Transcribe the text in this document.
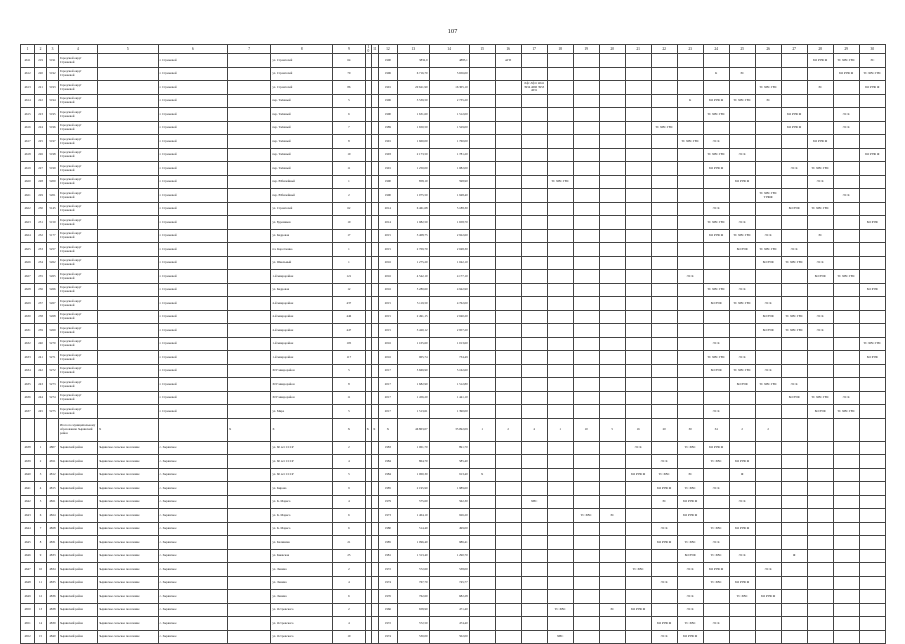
107
1	2	3	4	5	6	7	8	9	10	11	12	13	14	15	16	17	18	19	20	21	22	23	24	25	26	27	28	29	30
4611	219	5191	Городской округ Стрежевой		г. Стрежевой		ул. Строителей	64			1990	3832,9	4883,1		АГП												БО РУФ Ф	ТС ХВС ГВС	ЭС
4612	220	5192	Городской округ Стрежевой		г. Стрежевой		ул. Строителей	70			1996	6 716,70	5 656,00										К	ЭС				БО РУФ Ф	ТС ХВС ГВС
4613	221	5193	Городской округ Стрежевой		г. Стрежевой		ул. Строителей	86			1991	20 621,90	16 305,10			Лфт Лфтг 4041 3934 4060 3953 4031									ТС ХВС ГВС		ЭС		БО РУФ Ф
4614	222	5194	Городской округ Стрежевой		г. Стрежевой		пер. Таёжный	5			1996	3 539,50	2 735,20									К	БО РУФ Ф	ТС ХВС ГВС	ЭС				
4615	223	5195	Городской округ Стрежевой		г. Стрежевой		пер. Таёжный	6			1990	1 631,60	1 512,00										ТС ХВС ГВС			БО РУФ Ф		ЭС К	
4616	224	5196	Городской округ Стрежевой		г. Стрежевой		пер. Таёжный	7			1989	1 650,50	1 529,00								ТС ХВС ГВС					БО РУФ Ф		ЭС К	
4617	225	5197	Городской округ Стрежевой		г. Стрежевой		пер. Таёжный	8			1991	1 600,00	1 760,00									ТС ХВС ГВС	ЭС К				БО РУФ Ф		
4618	226	5198	Городской округ Стрежевой		г. Стрежевой		пер. Таёжный	10			1993	2 173,50	1 781,20										ТС ХВС ГВС	ЭС К					БО РУФ Ф
4619	227	5199	Городской округ Стрежевой		г. Стрежевой		пер. Таёжный	11			1991	1 250,00	1 082,00										БО РУФ Ф			ЭС К	ТС ХВС ГВС		
4620	228	5200	Городской округ Стрежевой		г. Стрежевой		пер. Юбилейный	1			1990	858,10	598,90				ТС ХВС ГВС							БО РУФ Ф			ЭС К		
4621	229	5201	Городской округ Стрежевой		г. Стрежевой		пер. Юбилейный	2			1990	1 075,50	1 948,40												ТС ХВС ГВС ТУФФ			ЭС К	
4622	230	5145	Городской округ Стрежевой		г. Стрежевой		ул. Строителей	62			2014	6 461,68	5 188,30										ЭС К			БО РУФ	ТС ХВС ГВС		
4623	231	5150	Городской округ Стрежевой		г. Стрежевой		ул. Буровиков	10			2014	1 982,50	1 658,70										ТС ХВС ГВС	ЭС К					БО РУФ
4624	232	5177	Городской округ Стрежевой		г. Стрежевой		ул. Кедровая	17			2015	3 408,75	2 922,60										БО РУФ Ф	ТС ХВС ГВС	ЭС К		ЭС		
4625	233	5257	Городской округ Стрежевой		г. Стрежевой		пл. Коротченко	1			2015	2 709,70	2 048,30											БО РУФ	ТС ХВС ГВС	ЭС К			
4626	234	5262	Городской округ Стрежевой		г. Стрежевой		ул. Школьный	1			2016	1 275,20	1 042,10												БО РУФ	ТС ХВС ГВС	ЭС К		
4627	235	5265	Городской округ Стрежевой		г. Стрежевой		1-й микрорайон	121			2016	4 542,10	4 177,10									ЭС К					БО РУФ	ТС ХВС ГВС	
4628	236	5266	Городской округ Стрежевой		г. Стрежевой		ул. Кедровая	12			2016	5 280,60	4 942,90										ТС ХВС ГВС	ЭС К					БО РУФ
4629	237	5267	Городской округ Стрежевой		г. Стрежевой		4-й микрорайон	437			2015	5 119,50	4 762,00										БО РУФ	ТС ХВС ГВС	ЭС К				
4630	238	5268	Городской округ Стрежевой		г. Стрежевой		4-й микрорайон	446			2015	2 491,15	2 040,20												БО РУФ	ТС ХВС ГВС	ЭС К		
4631	239	5269	Городской округ Стрежевой		г. Стрежевой		4-й микрорайон	447			2015	3 420,12	2 957,20												БО РУФ	ТС ХВС ГВС	ЭС К		
4632	240	5270	Городской округ Стрежевой		г. Стрежевой		1-й микрорайон	105			2016	1 105,60	1 013,60										ЭС К						ТС ХВС ГВС
4633	241	5271	Городской округ Стрежевой		г. Стрежевой		1-й микрорайон	117			2016	905,74	734,49										ТС ХВС ГВС	ЭС К					БО РУФ
4634	242	5272	Городской округ Стрежевой		г. Стрежевой		XIV микрорайон	5			2017	5 669,90	5 162,60										БО РУФ	ТС ХВС ГВС	ЭС К				
4635	243	5273	Городской округ Стрежевой		г. Стрежевой		XIV микрорайон	8			2017	1 682,90	1 512,80											БО РУФ	ТС ХВС ГВС	ЭС К			
4636	244	5274	Городской округ Стрежевой		г. Стрежевой		XIV микрорайон	11			2017	1 456,20	1 441,10													БО РУФ	ТС ХВС ГВС	ЭС К	
4637	245	5275	Городской округ Стрежевой		г. Стрежевой		ул. Мира	5			2017	1 513,61	1 390,00										ЭС К				БО РУФ	ТС ХВС ГВС	
			Итого по муниципальному образованию Зырянский район	X		X	X	X	X	X	X	46 803,07	35 092,09	1	2	4	1	10	5	16	20	30	34	2	2				
4638	1	4807	Зырянский район	Зырянское сельское поселение	с. Зырянское		ул. 60 лет СССР	2			1983	1 001,70	891,70							ЭС К		ТС ХВС	БО РУФ Ф						
4639	2	4811	Зырянский район	Зырянское сельское поселение	с. Зырянское		ул. 60 лет СССР	4			1984	804,70	585,40								ЭС К		ТС ХВС	БО РУФ Ф					
4640	3	4812	Зырянский район	Зырянское сельское поселение	с. Зырянское		ул. 60 лет СССР	5			1984	1 000,30	913,40	X						БО РУФ Ф	ТС ХВС	ЭС		Ф					
4641	4	4815	Зырянский район	Зырянское сельское поселение	с. Зырянское		ул. Кирова	9			1985	2 195,90	1 989,60								БО РУФ Ф	ТС ХВС	ЭС К						
4642	5	4821	Зырянский район	Зырянское сельское поселение	с. Зырянское		ул. К. Маркса	4			1979	575,60	562,30			ХВС					ЭС	БО РУФ Ф		ЭС К					
4643	6	4824	Зырянский район	Зырянское сельское поселение	с. Зырянское		ул. К. Маркса	6			1973	1 404,10	926,20					ТС ХВС	ЭС			БО РУФ Ф							
4644	7	4828	Зырянский район	Зырянское сельское поселение	с. Зырянское		ул. К. Маркса	6			1980	514,40	499,00								ЭС К		ТС ХВС	БО РУФ Ф					
4645	8	4831	Зырянский район	Зырянское сельское поселение	с. Зырянское		ул. Калинина	21			1985	1 096,40	986,41								БО РУФ Ф	ТС ХВС	ЭС К						
4646	9	4833	Зырянский район	Зырянское сельское поселение	с. Зырянское		ул. Киевская	25			1981	1 313,40	1 290,70									БО РУФ	ТС ХВС	ЭС К		Ф			
4647	10	4834	Зырянский район	Зырянское сельское поселение	с. Зырянское		ул. Ленина	2			1972	572,60	538,00							ТС ХВС		ЭС К	БО РУФ Ф		ЭС К				
4648	11	4835	Зырянский район	Зырянское сельское поселение	с. Зырянское		ул. Ленина	4			1974	767,70	745,77								ЭС К		ТС ХВС	БО РУФ Ф					
4649	12	4836	Зырянский район	Зырянское сельское поселение	с. Зырянское		ул. Ленина	6			1976	762,60	682,28									ЭС К		ТС ХВС	БО РУФ Ф				
4650	13	4838	Зырянский район	Зырянское сельское поселение	с. Зырянское		ул. Островского	2			1966	658,90	471,40				ТС ХВС		ЭС	БО РУФ Ф		ЭС К							
4651	14	4839	Зырянский район	Зырянское сельское поселение	с. Зырянское		ул. Островского	4			1972	572,50	474,40								БО РУФ Ф	ТС ХВС	ЭС К						
4652	15	4840	Зырянский район	Зырянское сельское поселение	с. Зырянское		ул. Островского	10			1974	530,00	502,00				ХВС				ЭС К	БО РУФ Ф							
